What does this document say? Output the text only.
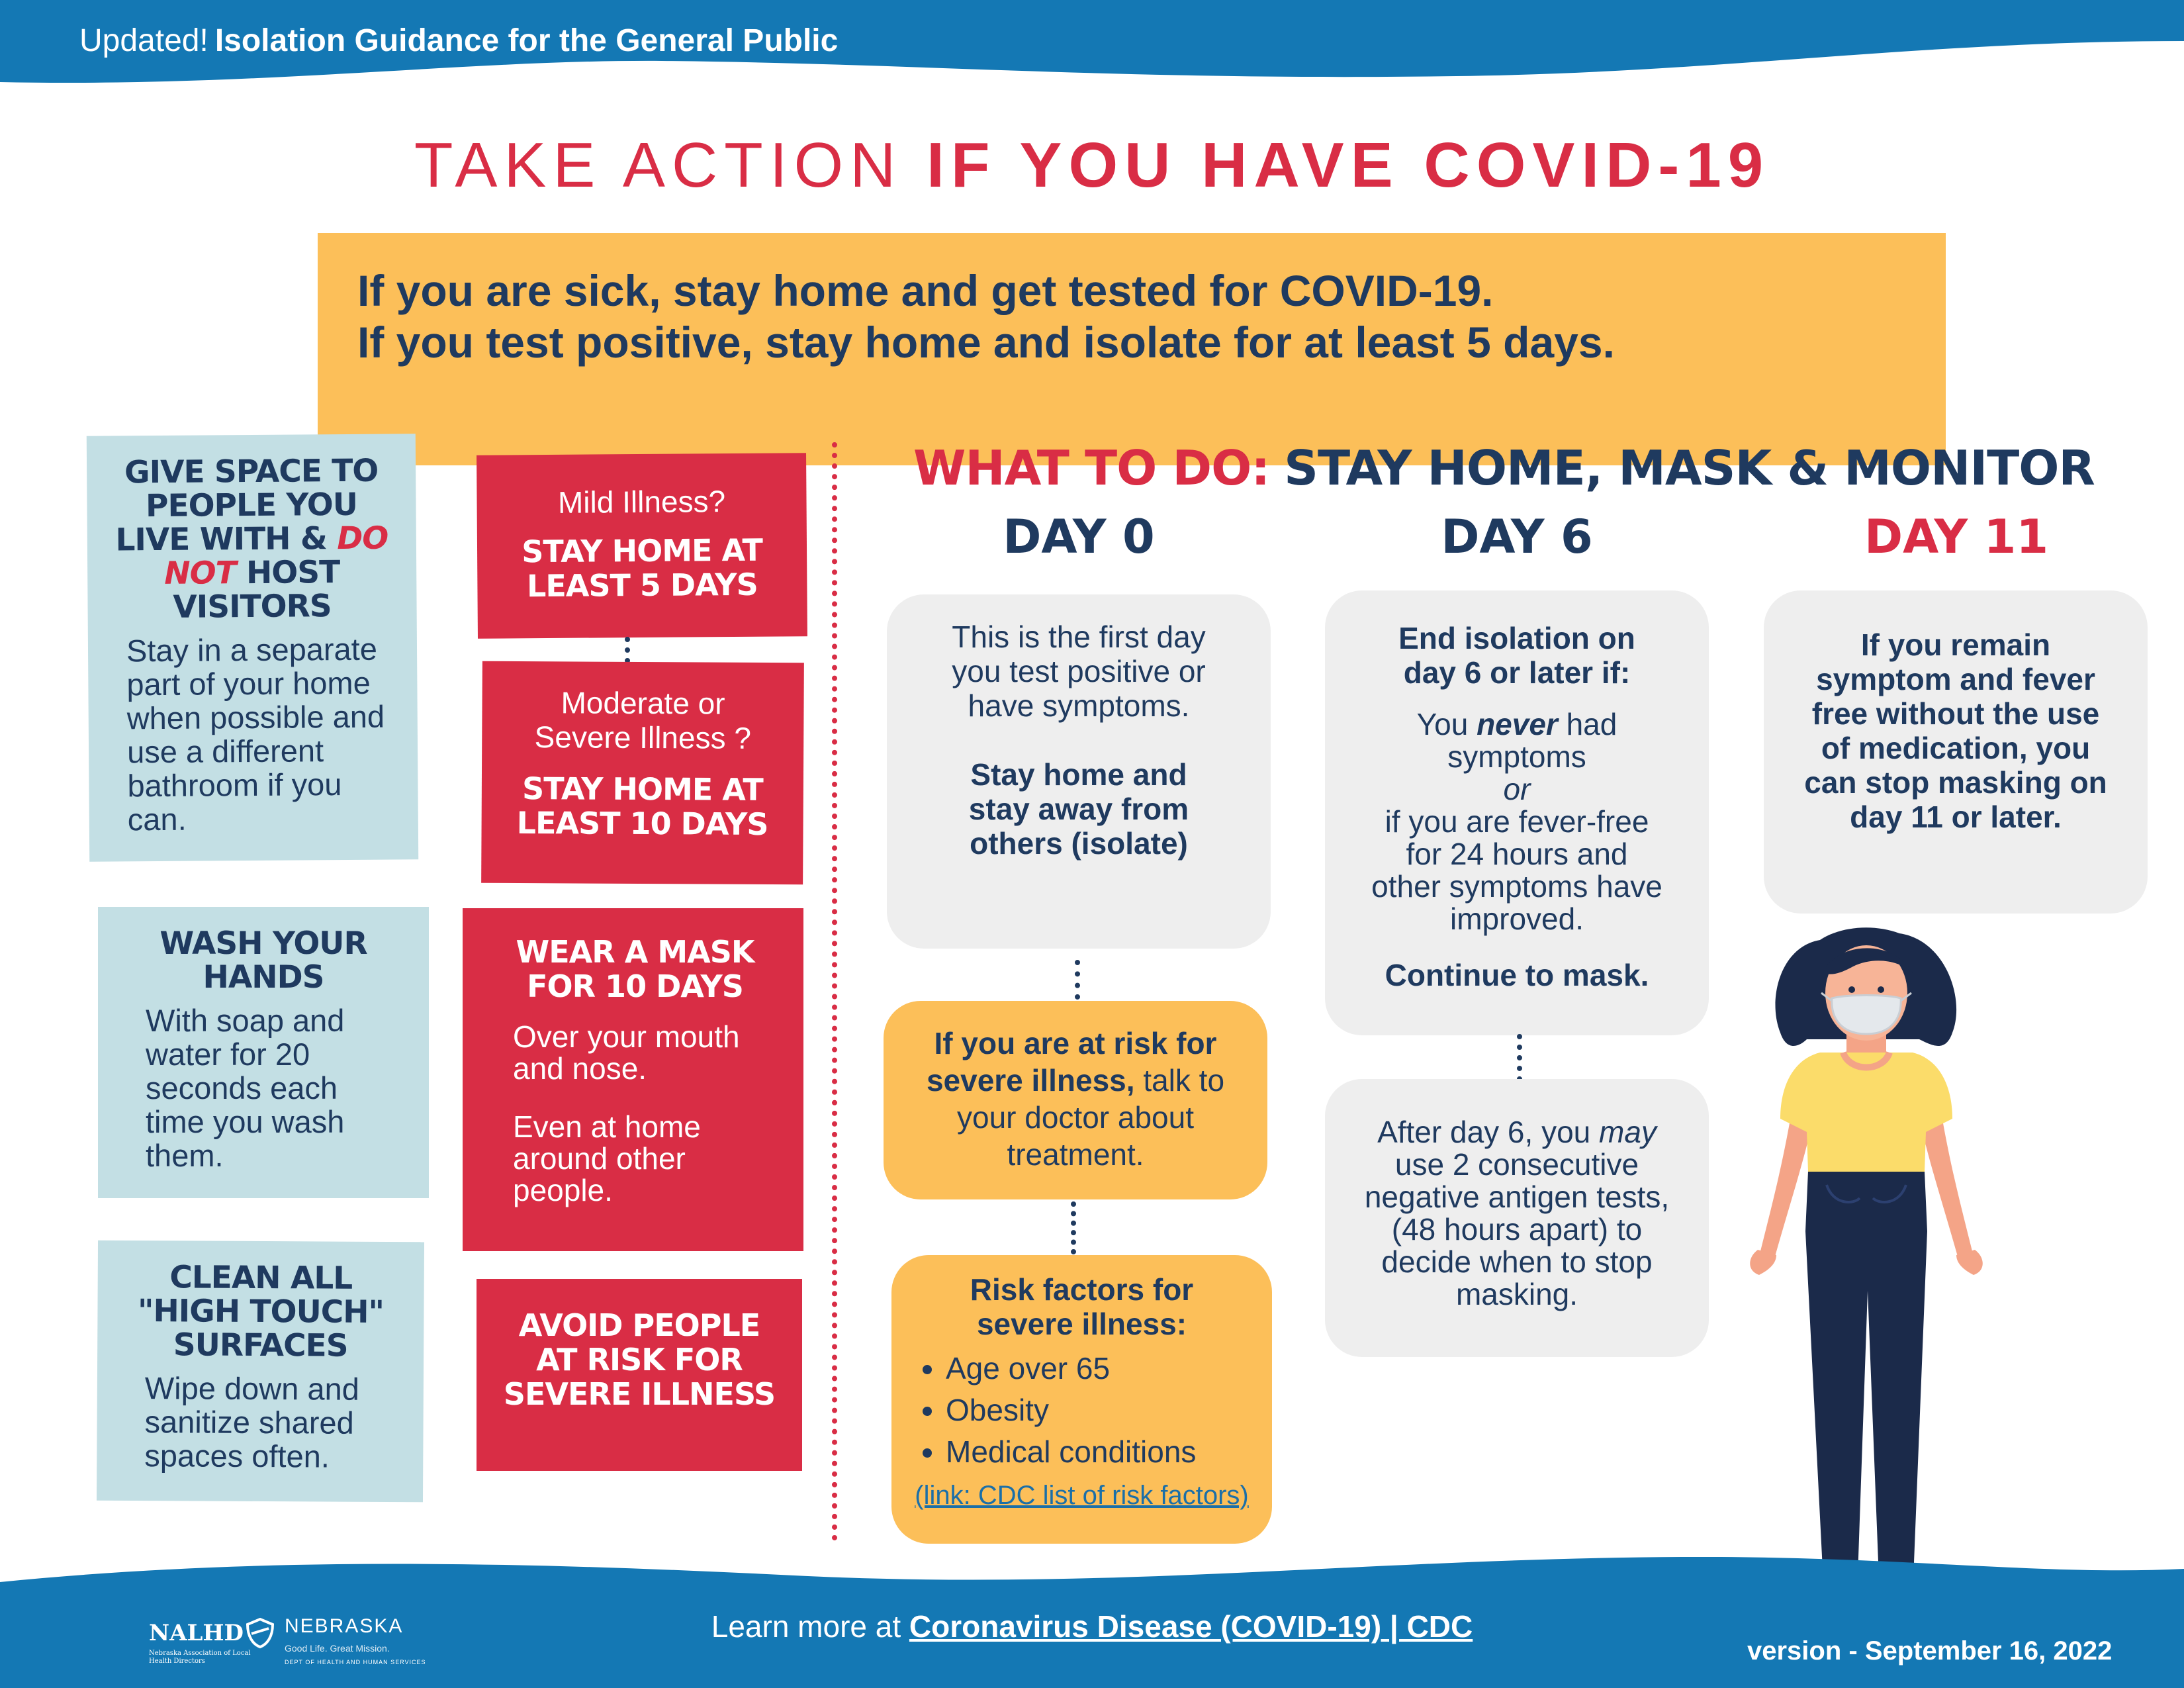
Updated! Isolation Guidance for the General Public
TAKE ACTION IF YOU HAVE COVID-19
If you are sick, stay home and get tested for COVID-19.
If you test positive, stay home and isolate for at least 5 days.
GIVE SPACE TO PEOPLE YOU LIVE WITH & DO NOT HOST VISITORS
Stay in a separate part of your home when possible and use a different bathroom if you can.
WASH YOUR HANDS
With soap and water for 20 seconds each time you wash them.
CLEAN ALL "HIGH TOUCH" SURFACES
Wipe down and sanitize shared spaces often.
Mild Illness?
STAY HOME AT LEAST 5 DAYS
Moderate or Severe Illness ?
STAY HOME AT LEAST 10 DAYS
WEAR A MASK FOR 10 DAYS

Over your mouth and nose.

Even at home around other people.

AVOID PEOPLE AT RISK FOR SEVERE ILLNESS
WHAT TO DO: STAY HOME, MASK & MONITOR
DAY 0	DAY 6	DAY 11
This is the first day you test positive or have symptoms.
Stay home and stay away from others (isolate)
If you are at risk for severe illness, talk to your doctor about treatment.
Risk factors for severe illness:
• Age over 65
• Obesity
• Medical conditions
(link: CDC list of risk factors)
End isolation on day 6 or later if:
You never had symptoms
or
if you are fever-free for 24 hours and other symptoms have improved.
Continue to mask.
After day 6, you may use 2 consecutive negative antigen tests, (48 hours apart) to decide when to stop masking.
If you remain symptom and fever free without the use of medication, you can stop masking on day 11 or later.
Learn more at Coronavirus Disease (COVID-19) | CDC
version - September 16, 2022
NALHD
Nebraska Association of Local Health Directors
NEBRASKA
Good Life. Great Mission.
DEPT OF HEALTH AND HUMAN SERVICES
